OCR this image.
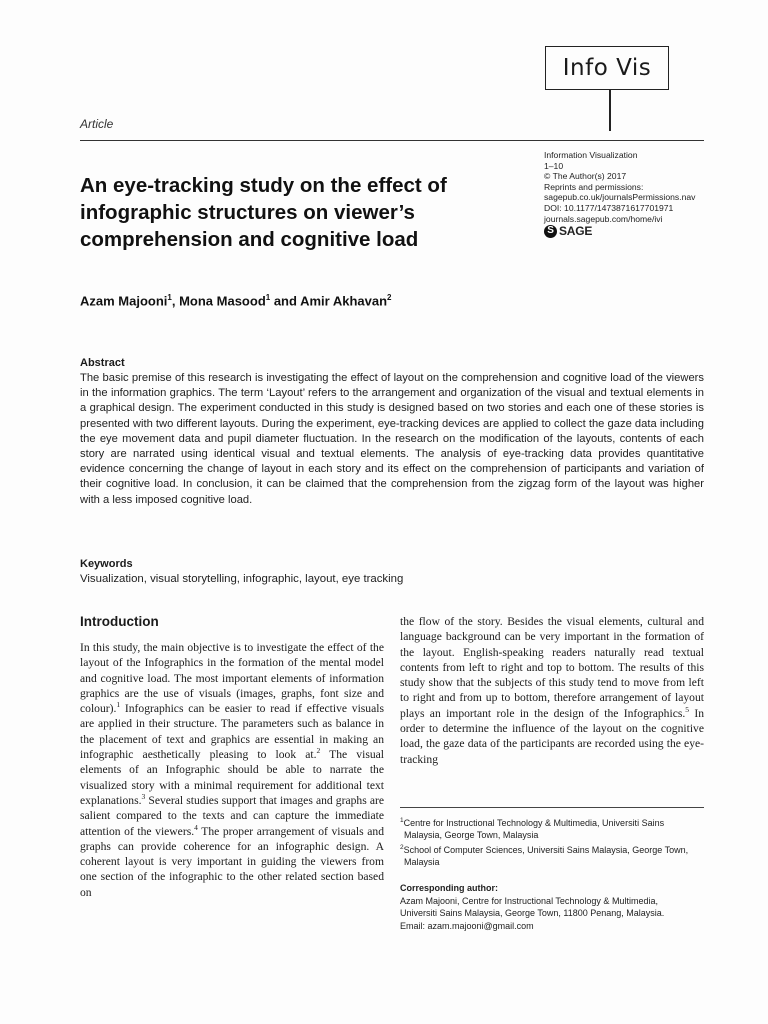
Info Vis
Article
Information Visualization
1–10
© The Author(s) 2017
Reprints and permissions:
sagepub.co.uk/journalsPermissions.nav
DOI: 10.1177/1473871617701971
journals.sagepub.com/home/ivi
S SAGE
An eye-tracking study on the effect of infographic structures on viewer’s comprehension and cognitive load
Azam Majooni$^1$, Mona Masood$^1$ and Amir Akhavan$^2$
Abstract
The basic premise of this research is investigating the effect of layout on the comprehension and cognitive load of the viewers in the information graphics. The term ‘Layout’ refers to the arrangement and organization of the visual and textual elements in a graphical design. The experiment conducted in this study is designed based on two stories and each one of these stories is presented with two different layouts. During the experiment, eye-tracking devices are applied to collect the gaze data including the eye movement data and pupil diameter fluctuation. In the research on the modification of the layouts, contents of each story are narrated using identical visual and textual elements. The analysis of eye-tracking data provides quantitative evidence concerning the change of layout in each story and its effect on the comprehension of participants and variation of their cognitive load. In conclusion, it can be claimed that the comprehension from the zigzag form of the layout was higher with a less imposed cognitive load.
Keywords
Visualization, visual storytelling, infographic, layout, eye tracking
Introduction
In this study, the main objective is to investigate the effect of the layout of the Infographics in the formation of the mental model and cognitive load. The most important elements of information graphics are the use of visuals (images, graphs, font size and colour).$^1$ Infographics can be easier to read if effective visuals are applied in their structure. The parameters such as balance in the placement of text and graphics are essential in making an infographic aesthetically pleasing to look at.$^2$ The visual elements of an Infographic should be able to narrate the visualized story with a minimal requirement for additional text explanations.$^3$ Several studies support that images and graphs are salient compared to the texts and can capture the immediate attention of the viewers.$^4$ The proper arrangement of visuals and graphs can provide coherence for an infographic design. A coherent layout is very important in guiding the viewers from one section of the infographic to the other related section based on
the flow of the story. Besides the visual elements, cultural and language background can be very important in the formation of the layout. English-speaking readers naturally read textual contents from left to right and top to bottom. The results of this study show that the subjects of this study tend to move from left to right and from up to bottom, therefore arrangement of layout plays an important role in the design of the Infographics.$^5$ In order to determine the influence of the layout on the cognitive load, the gaze data of the participants are recorded using the eye-tracking
$^1$Centre for Instructional Technology & Multimedia, Universiti Sains Malaysia, George Town, Malaysia
$^2$School of Computer Sciences, Universiti Sains Malaysia, George Town, Malaysia
Corresponding author:
Azam Majooni, Centre for Instructional Technology & Multimedia,
Universiti Sains Malaysia, George Town, 11800 Penang, Malaysia.
Email: azam.majooni@gmail.com
